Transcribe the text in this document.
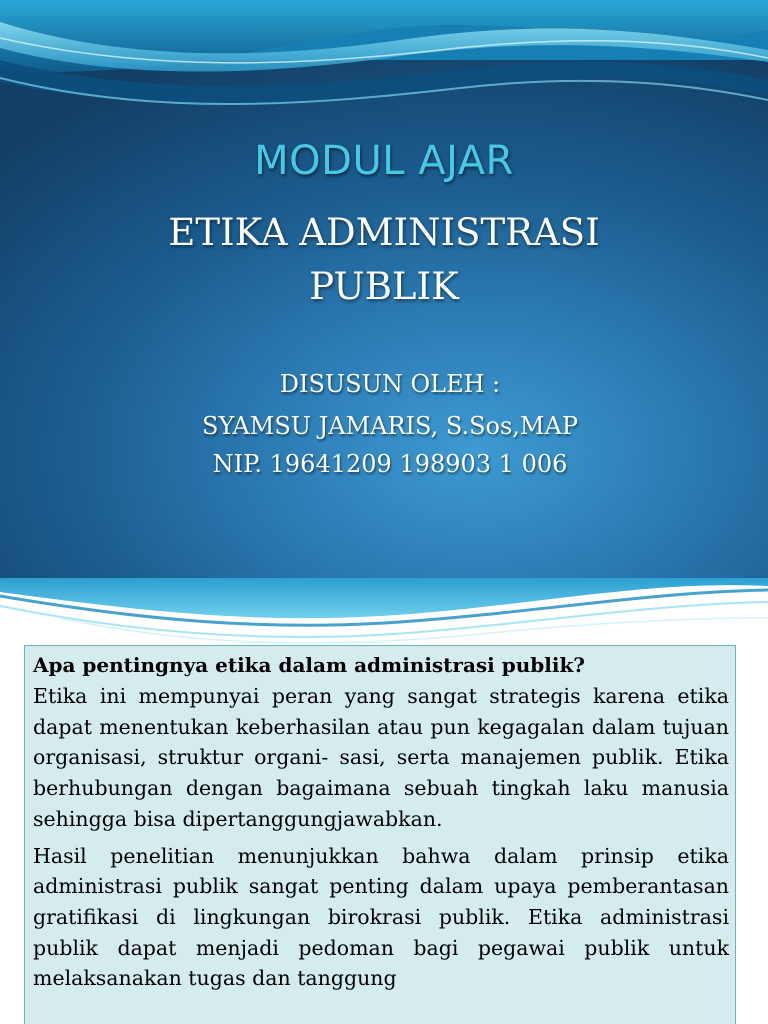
MODUL AJAR
ETIKA ADMINISTRASI
PUBLIK
DISUSUN OLEH :
SYAMSU JAMARIS, S.Sos,MAP
NIP. 19641209 198903 1 006

Apa pentingnya etika dalam administrasi publik?

Etika ini mempunyai peran yang sangat strategis karena etika dapat menentukan keberhasilan atau pun kegagalan dalam tujuan organisasi, struktur organi- sasi, serta manajemen publik. Etika berhubungan dengan bagaimana sebuah tingkah laku manusia sehingga bisa dipertanggungjawabkan.

Hasil penelitian menunjukkan bahwa dalam prinsip etika administrasi publik sangat penting dalam upaya pemberantasan gratifikasi di lingkungan birokrasi publik. Etika administrasi publik dapat menjadi pedoman bagi pegawai publik untuk melaksanakan tugas dan tanggung
